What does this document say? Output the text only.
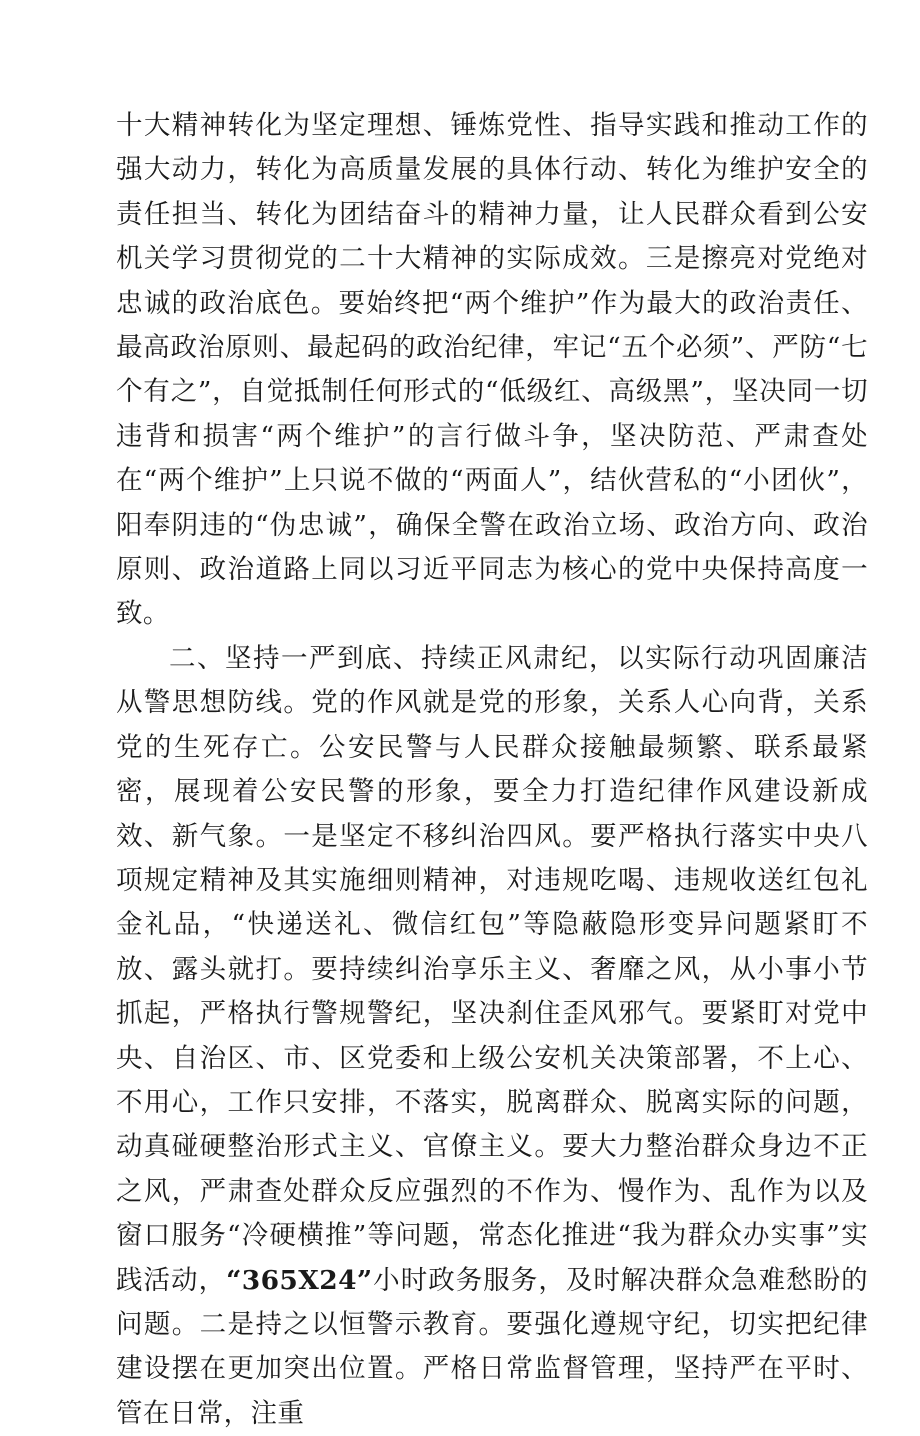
十大精神转化为坚定理想、锤炼党性、指导实践和推动工作的强大动力，转化为高质量发展的具体行动、转化为维护安全的责任担当、转化为团结奋斗的精神力量，让人民群众看到公安机关学习贯彻党的二十大精神的实际成效。三是擦亮对党绝对忠诚的政治底色。要始终把“两个维护”作为最大的政治责任、最高政治原则、最起码的政治纪律，牢记“五个必须”、严防“七个有之”，自觉抵制任何形式的“低级红、高级黑”，坚决同一切违背和损害“两个维护”的言行做斗争，坚决防范、严肃查处在“两个维护”上只说不做的“两面人”，结伙营私的“小团伙”，阳奉阴违的“伪忠诚”，确保全警在政治立场、政治方向、政治原则、政治道路上同以习近平同志为核心的党中央保持高度一致。

二、坚持一严到底、持续正风肃纪，以实际行动巩固廉洁从警思想防线。党的作风就是党的形象，关系人心向背，关系党的生死存亡。公安民警与人民群众接触最频繁、联系最紧密，展现着公安民警的形象，要全力打造纪律作风建设新成效、新气象。一是坚定不移纠治四风。要严格执行落实中央八项规定精神及其实施细则精神，对违规吃喝、违规收送红包礼金礼品，“快递送礼、微信红包”等隐蔽隐形变异问题紧盯不放、露头就打。要持续纠治享乐主义、奢靡之风，从小事小节抓起，严格执行警规警纪，坚决刹住歪风邪气。要紧盯对党中央、自治区、市、区党委和上级公安机关决策部署，不上心、不用心，工作只安排，不落实，脱离群众、脱离实际的问题，动真碰硬整治形式主义、官僚主义。要大力整治群众身边不正之风，严肃查处群众反应强烈的不作为、慢作为、乱作为以及窗口服务“冷硬横推”等问题，常态化推进“我为群众办实事”实践活动，“365X24”小时政务服务，及时解决群众急难愁盼的问题。二是持之以恒警示教育。要强化遵规守纪，切实把纪律建设摆在更加突出位置。严格日常监督管理，坚持严在平时、管在日常，注重
